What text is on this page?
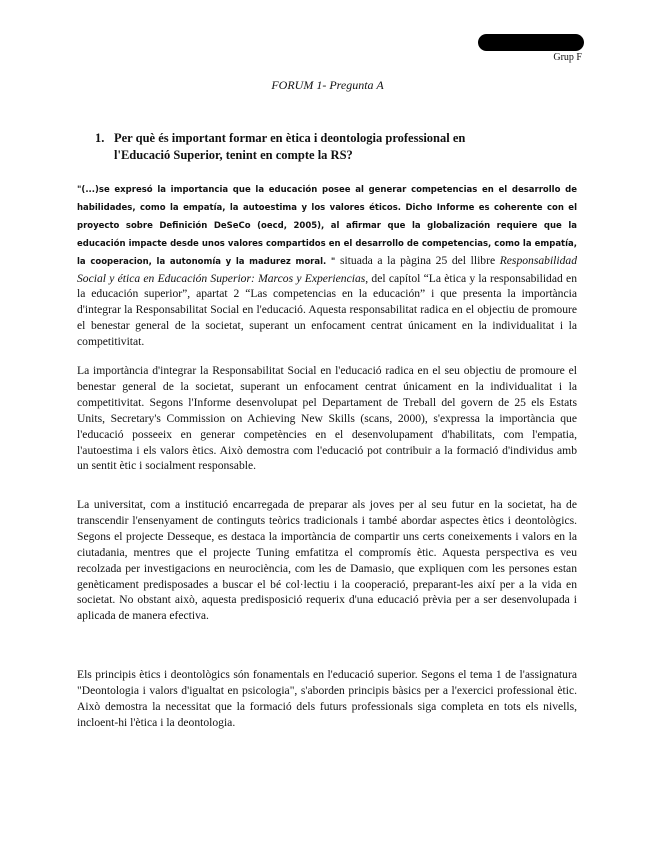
Grup F
FORUM 1- Pregunta A
1. Per què és important formar en ètica i deontologia professional en l'Educació Superior, tenint en compte la RS?
"(...)se expresó la importancia que la educación posee al generar competencias en el desarrollo de habilidades, como la empatía, la autoestima y los valores éticos. Dicho Informe es coherente con el proyecto sobre Definición DeSeCo (oecd, 2005), al afirmar que la globalización requiere que la educación impacte desde unos valores compartidos en el desarrollo de competencias, como la empatía, la cooperacion, la autonomía y la madurez moral. " situada a la pàgina 25 del llibre Responsabilidad Social y ética en Educación Superior: Marcos y Experiencias, del capítol “La ètica y la responsabilidad en la educación superior”, apartat 2 “Las competencias en la educación” i que presenta la importància d'integrar la Responsabilitat Social en l'educació. Aquesta responsabilitat radica en el objectiu de promoure el benestar general de la societat, superant un enfocament centrat únicament en la individualitat i la competitivitat.
La importància d'integrar la Responsabilitat Social en l'educació radica en el seu objectiu de promoure el benestar general de la societat, superant un enfocament centrat únicament en la individualitat i la competitivitat. Segons l'Informe desenvolupat pel Departament de Treball del govern de 25 els Estats Units, Secretary's Commission on Achieving New Skills (scans, 2000), s'expressa la importància que l'educació posseeix en generar competències en el desenvolupament d'habilitats, com l'empatia, l'autoestima i els valors ètics. Això demostra com l'educació pot contribuir a la formació d'individus amb un sentit ètic i socialment responsable.
La universitat, com a institució encarregada de preparar als joves per al seu futur en la societat, ha de transcendir l'ensenyament de continguts teòrics tradicionals i també abordar aspectes ètics i deontològics. Segons el projecte Desseque, es destaca la importància de compartir uns certs coneixements i valors en la ciutadania, mentres que el projecte Tuning emfatitza el compromís ètic. Aquesta perspectiva es veu recolzada per investigacions en neurociència, com les de Damasio, que expliquen com les persones estan genèticament predisposades a buscar el bé col·lectiu i la cooperació, preparant-les així per a la vida en societat. No obstant això, aquesta predisposició requerix d'una educació prèvia per a ser desenvolupada i aplicada de manera efectiva.
Els principis ètics i deontològics són fonamentals en l'educació superior. Segons el tema 1 de l'assignatura "Deontologia i valors d'igualtat en psicologia", s'aborden principis bàsics per a l'exercici professional ètic. Això demostra la necessitat que la formació dels futurs professionals siga completa en tots els nivells, incloent-hi l'ètica i la deontologia.
